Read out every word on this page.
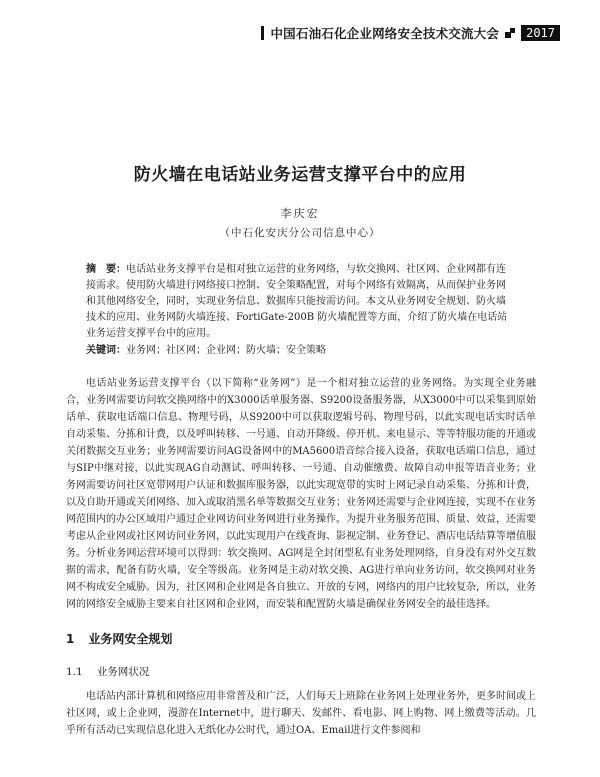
中国石油石化企业网络安全技术交流大会	2017
防火墙在电话站业务运营支撑平台中的应用
李庆宏
（中石化安庆分公司信息中心）
摘　要：电话站业务支撑平台是相对独立运营的业务网络，与软交换网、社区网、企业网都有连接需求。使用防火墙进行网络接口控制、安全策略配置，对每个网络有效隔离，从而保护业务网和其他网络安全，同时，实现业务信息、数据库只能按需访问。本文从业务网安全规划、防火墙技术的应用、业务网防火墙连接、FortiGate-200B 防火墙配置等方面，介绍了防火墙在电话站业务运营支撑平台中的应用。
关键词：业务网；社区网；企业网；防火墙；安全策略

电话站业务运营支撑平台（以下简称“业务网”）是一个相对独立运营的业务网络。为实现全业务融合，业务网需要访问软交换网络中的X3000话单服务器、S9200设备服务器，从X3000中可以采集到原始话单、获取电话端口信息、物理号码，从S9200中可以获取逻辑号码、物理号码，以此实现电话实时话单自动采集、分拣和计费，以及呼叫转移、一号通、自动开降级、停开机、来电显示、等等特服功能的开通或关闭数据交互业务；业务网需要访问AG设备网中的MA5600语音综合接入设备，获取电话端口信息，通过与SIP中继对接，以此实现AG自动测试、呼叫转移、一号通、自动催缴费、故障自动申报等语音业务；业务网需要访问社区宽带网用户认证和数据库服务器，以此实现宽带的实时上网记录自动采集、分拣和计费，以及自助开通或关闭网络、加入或取消黑名单等数据交互业务；业务网还需要与企业网连接，实现不在业务网范围内的办公区域用户通过企业网访问业务网进行业务操作。为提升业务服务范围、质量、效益，还需要考虑从企业网或社区网访问业务网，以此实现用户在线查询、影视定制、业务登记、酒店电话结算等增值服务。 分析业务网运营环境可以得到：软交换网、AG网是全封闭型私有业务处理网络，自身没有对外交互数据的需求，配备有防火墙，安全等级高。业务网是主动对软交换、AG进行单向业务访问，软交换网对业务网不构成安全威胁。因为，社区网和企业网是各自独立、开放的专网，网络内的用户比较复杂，所以，业务网的网络安全威胁主要来自社区网和企业网，而安装和配置防火墙是确保业务网安全的最佳选择。

1 业务网安全规划
1.1 业务网状况

电话站内部计算机和网络应用非常普及和广泛，人们每天上班除在业务网上处理业务外，更多时间或上社区网，或上企业网，漫游在Internet中，进行聊天、发邮件、看电影、网上购物、网上缴费等活动。几乎所有活动已实现信息化进入无纸化办公时代，通过OA、Email进行文件参阅和
